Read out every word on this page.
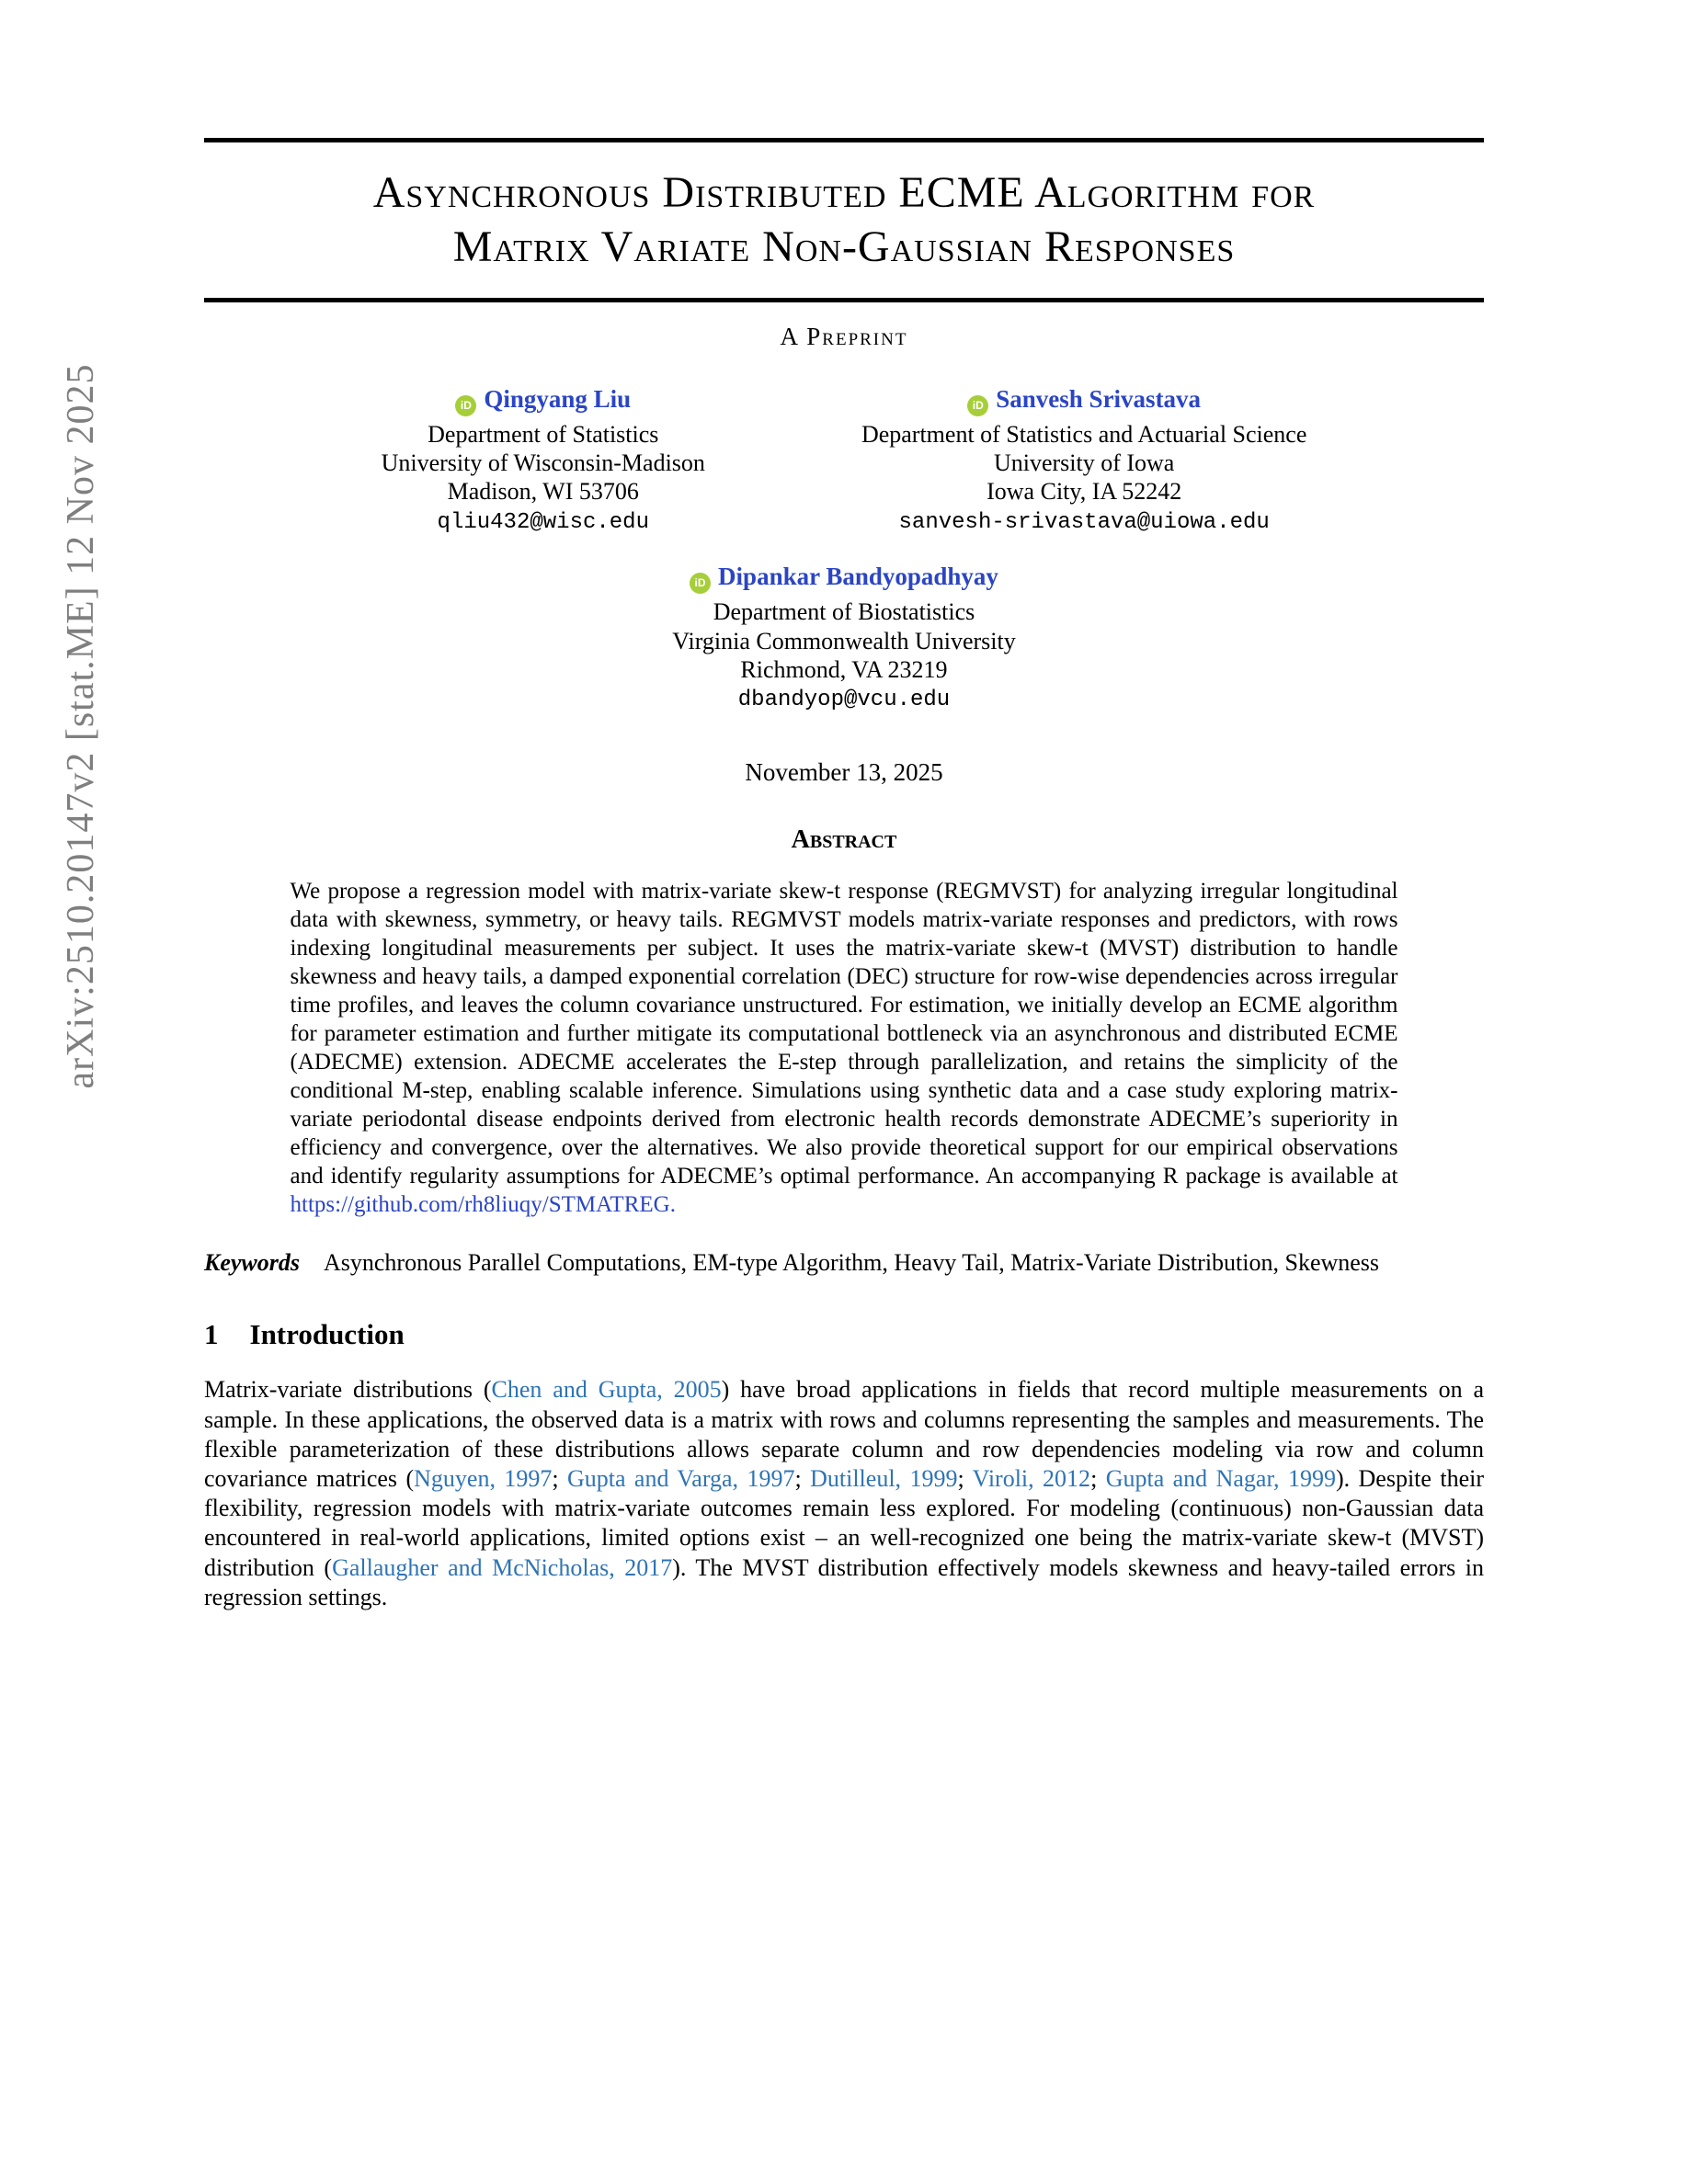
arXiv:2510.20147v2 [stat.ME] 12 Nov 2025
Asynchronous Distributed ECME Algorithm for
Matrix Variate Non-Gaussian Responses
A Preprint
iD Qingyang Liu
Department of Statistics
University of Wisconsin-Madison
Madison, WI 53706
qliu432@wisc.edu
iD Sanvesh Srivastava
Department of Statistics and Actuarial Science
University of Iowa
Iowa City, IA 52242
sanvesh-srivastava@uiowa.edu
iD Dipankar Bandyopadhyay
Department of Biostatistics
Virginia Commonwealth University
Richmond, VA 23219
dbandyop@vcu.edu
November 13, 2025
Abstract

We propose a regression model with matrix-variate skew-t response (REGMVST) for analyzing irregular longitudinal data with skewness, symmetry, or heavy tails. REGMVST models matrix-variate responses and predictors, with rows indexing longitudinal measurements per subject. It uses the matrix-variate skew-t (MVST) distribution to handle skewness and heavy tails, a damped exponential correlation (DEC) structure for row-wise dependencies across irregular time profiles, and leaves the column covariance unstructured. For estimation, we initially develop an ECME algorithm for parameter estimation and further mitigate its computational bottleneck via an asynchronous and distributed ECME (ADECME) extension. ADECME accelerates the E-step through parallelization, and retains the simplicity of the conditional M-step, enabling scalable inference. Simulations using synthetic data and a case study exploring matrix-variate periodontal disease endpoints derived from electronic health records demonstrate ADECME’s superiority in efficiency and convergence, over the alternatives. We also provide theoretical support for our empirical observations and identify regularity assumptions for ADECME’s optimal performance. An accompanying R package is available at https://github.com/rh8liuqy/STMATREG.

Keywords Asynchronous Parallel Computations, EM-type Algorithm, Heavy Tail, Matrix-Variate Distribution, Skewness

1 Introduction

Matrix-variate distributions (Chen and Gupta, 2005) have broad applications in fields that record multiple measurements on a sample. In these applications, the observed data is a matrix with rows and columns representing the samples and measurements. The flexible parameterization of these distributions allows separate column and row dependencies modeling via row and column covariance matrices (Nguyen, 1997; Gupta and Varga, 1997; Dutilleul, 1999; Viroli, 2012; Gupta and Nagar, 1999). Despite their flexibility, regression models with matrix-variate outcomes remain less explored. For modeling (continuous) non-Gaussian data encountered in real-world applications, limited options exist – an well-recognized one being the matrix-variate skew-t (MVST) distribution (Gallaugher and McNicholas, 2017). The MVST distribution effectively models skewness and heavy-tailed errors in regression settings.
